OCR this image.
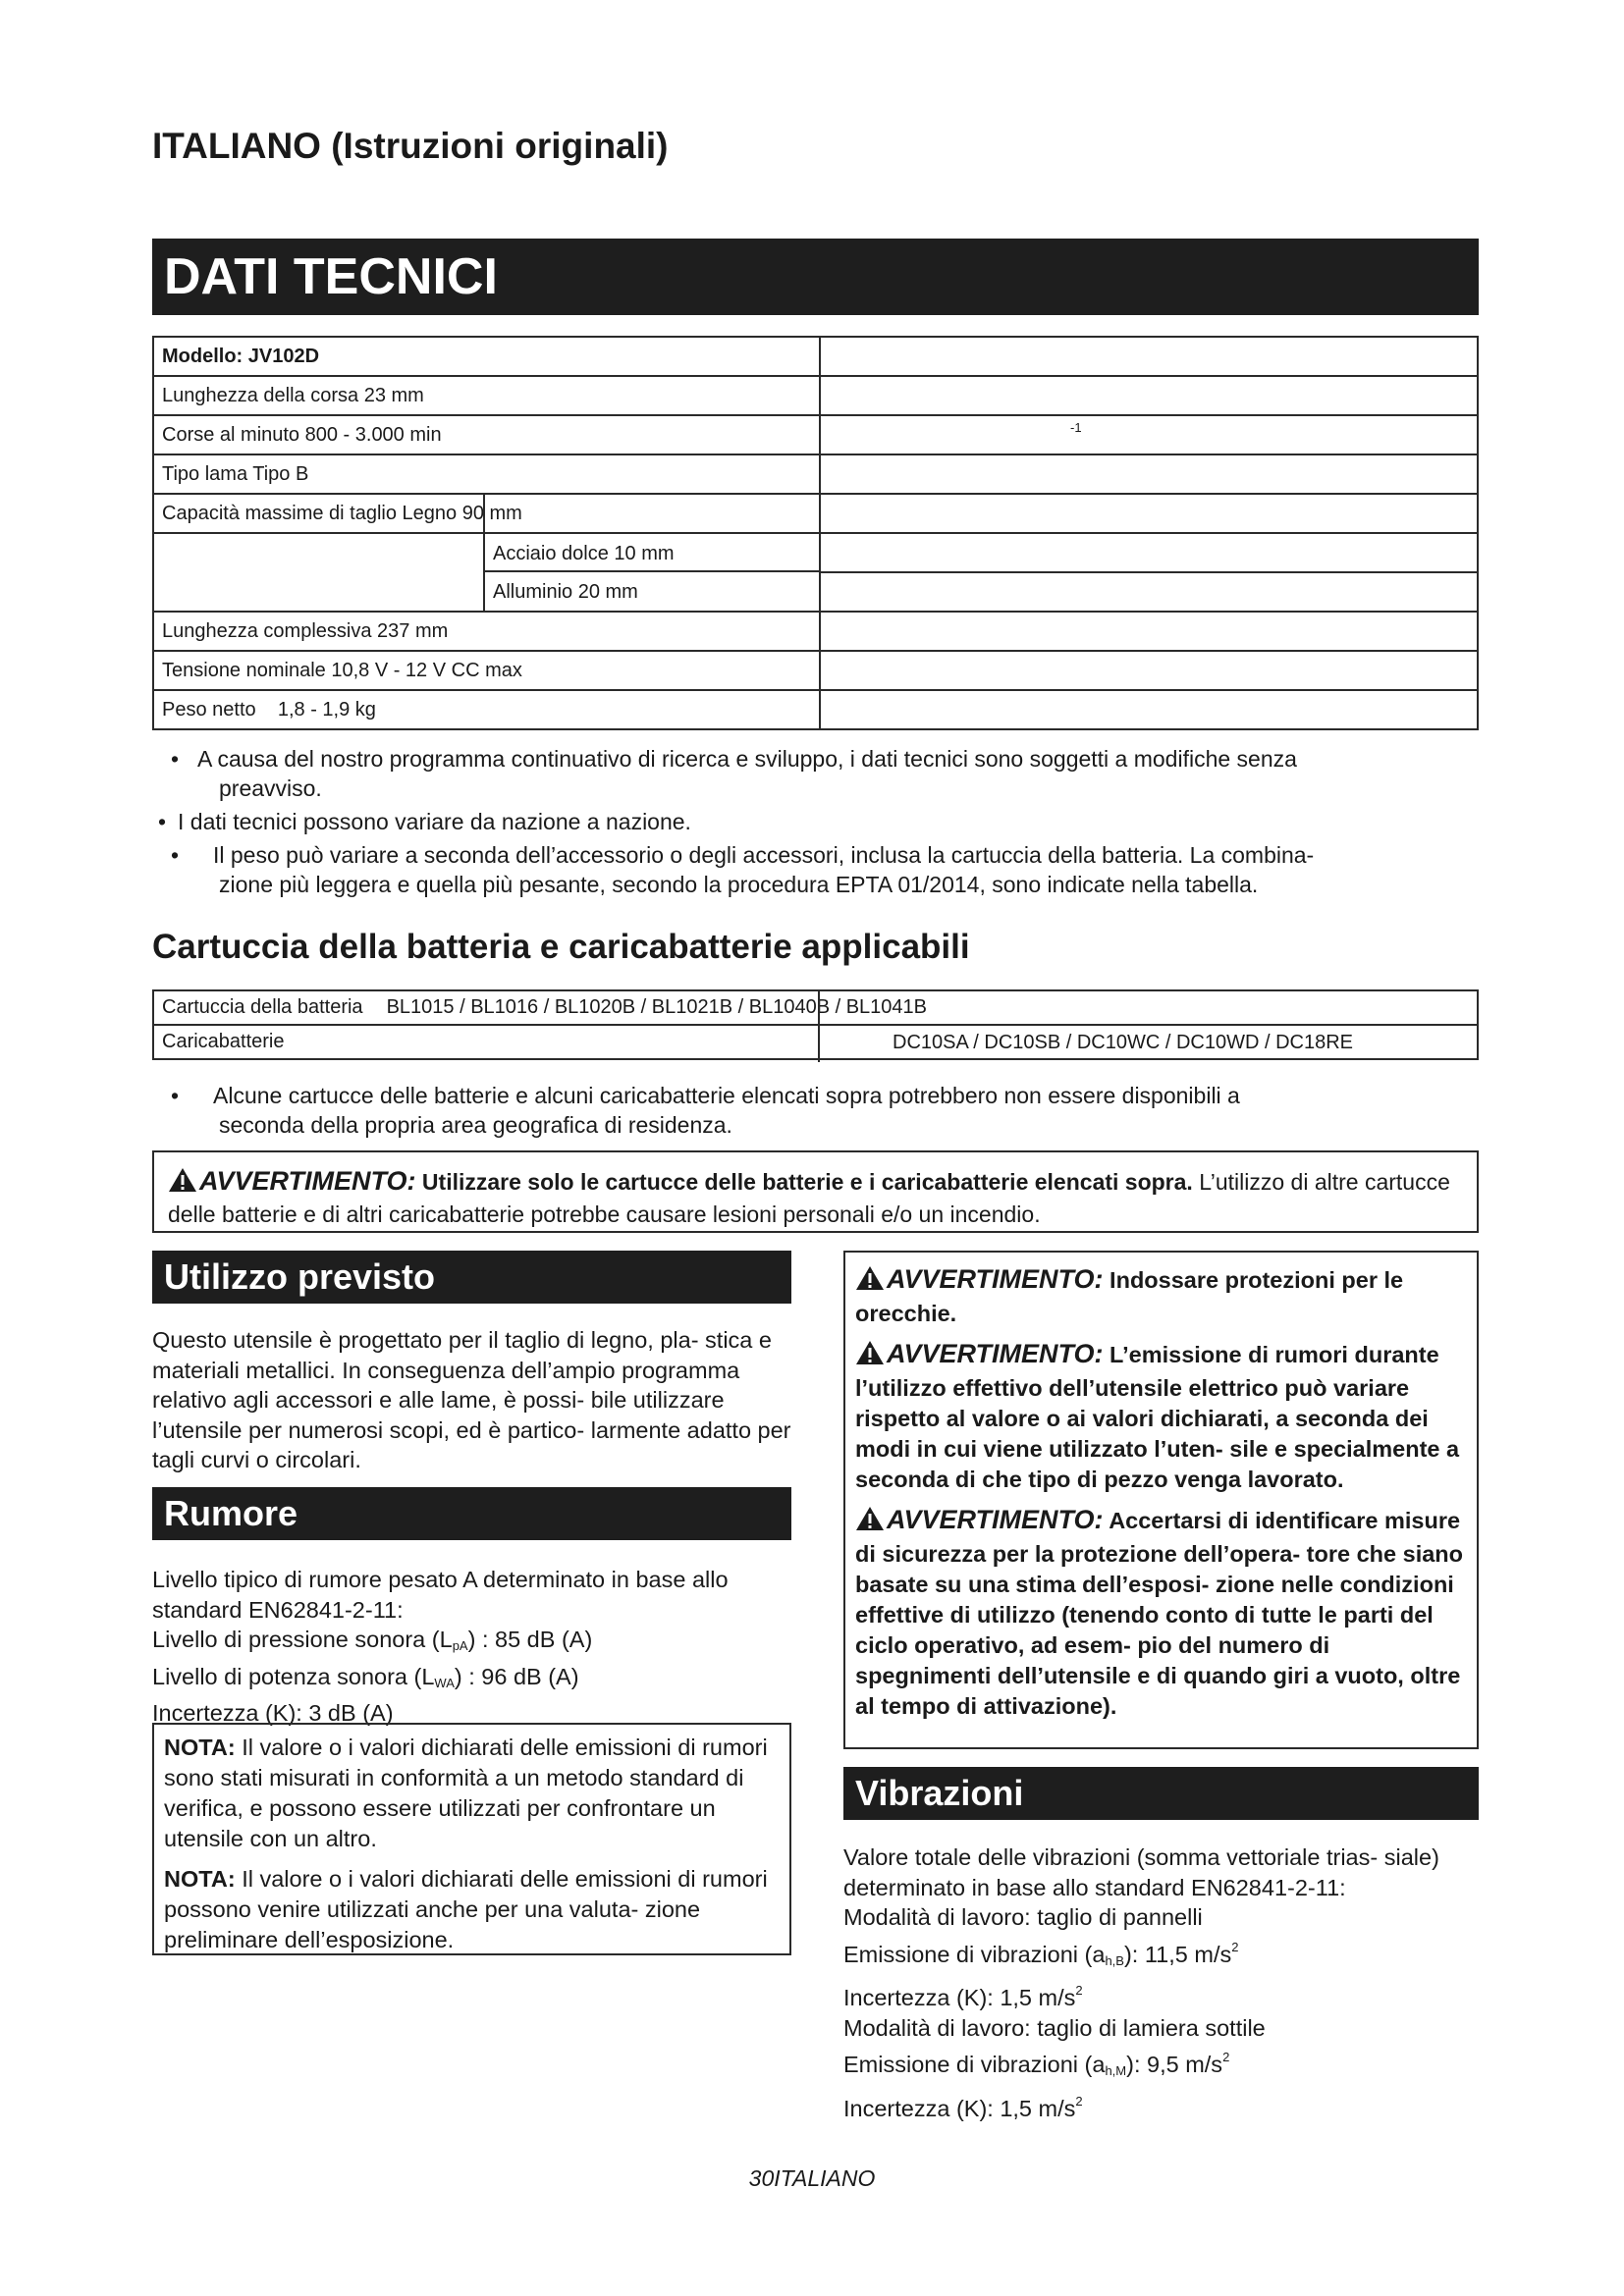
ITALIANO (Istruzioni originali)
DATI TECNICI
Modello: JV102D	
Lunghezza della corsa 23 mm	
Corse al minuto 800 - 3.000 min	
Tipo lama Tipo B	
Capacità massime di taglio Legno 90 mm

Acciaio dolce 10 mm	

Alluminio 20 mm	

Lunghezza complessiva 237 mm	
Tensione nominale 10,8 V - 12 V CC max	
Peso netto    1,8 - 1,9 kg	
-1
• A causa del nostro programma continuativo di ricerca e sviluppo, i dati tecnici sono soggetti a modifiche senza
preavviso.
• I dati tecnici possono variare da nazione a nazione.
•	Il peso può variare a seconda dell’accessorio o degli accessori, inclusa la cartuccia della batteria. La combina-
zione più leggera e quella più pesante, secondo la procedura EPTA 01/2014, sono indicate nella tabella.
Cartuccia della batteria e caricabatterie applicabili
Cartuccia della batteria BL1015 / BL1016 / BL1020B / BL1021B / BL1040B / BL1041B
Caricabatterie	DC10SA / DC10SB / DC10WC / DC10WD / DC18RE
•	Alcune cartucce delle batterie e alcuni caricabatterie elencati sopra potrebbero non essere disponibili a
seconda della propria area geografica di residenza.
AVVERTIMENTO: Utilizzare solo le cartucce delle batterie e i caricabatterie elencati sopra. L’utilizzo di altre cartucce delle batterie e di altri caricabatterie potrebbe causare lesioni personali e/o un incendio.
Utilizzo previsto
Questo utensile è progettato per il taglio di legno, pla- stica e materiali metallici. In conseguenza dell’ampio programma relativo agli accessori e alle lame, è possi- bile utilizzare l’utensile per numerosi scopi, ed è partico- larmente adatto per tagli curvi o circolari.
Rumore
Livello tipico di rumore pesato A determinato in base allo standard EN62841-2-11:
Livello di pressione sonora $(L_{pA})$ : 85 dB (A)
Livello di potenza sonora $(L_{WA})$ : 96 dB (A)
Incertezza (K): 3 dB (A)

NOTA: Il valore o i valori dichiarati delle emissioni di rumori sono stati misurati in conformità a un metodo standard di verifica, e possono essere utilizzati per confrontare un utensile con un altro.

NOTA: Il valore o i valori dichiarati delle emissioni di rumori possono venire utilizzati anche per una valuta- zione preliminare dell’esposizione.

AVVERTIMENTO: Indossare protezioni per le orecchie.
AVVERTIMENTO: L’emissione di rumori durante l’utilizzo effettivo dell’utensile elettrico può variare rispetto al valore o ai valori dichiarati, a seconda dei modi in cui viene utilizzato l’uten- sile e specialmente a seconda di che tipo di pezzo venga lavorato.
AVVERTIMENTO: Accertarsi di identificare misure di sicurezza per la protezione dell’opera- tore che siano basate su una stima dell’esposi- zione nelle condizioni effettive di utilizzo (tenendo conto di tutte le parti del ciclo operativo, ad esem- pio del numero di spegnimenti dell’utensile e di quando giri a vuoto, oltre al tempo di attivazione).
Vibrazioni
Valore totale delle vibrazioni (somma vettoriale trias- siale) determinato in base allo standard EN62841-2-11:
Modalità di lavoro: taglio di pannelli
Emissione di vibrazioni $(a_{h,B})$: 11,5 $m/s^2$
Incertezza (K): 1,5 $m/s^2$
Modalità di lavoro: taglio di lamiera sottile
Emissione di vibrazioni $(a_{h,M})$: 9,5 $m/s^2$
Incertezza (K): 1,5 $m/s^2$
30ITALIANO
